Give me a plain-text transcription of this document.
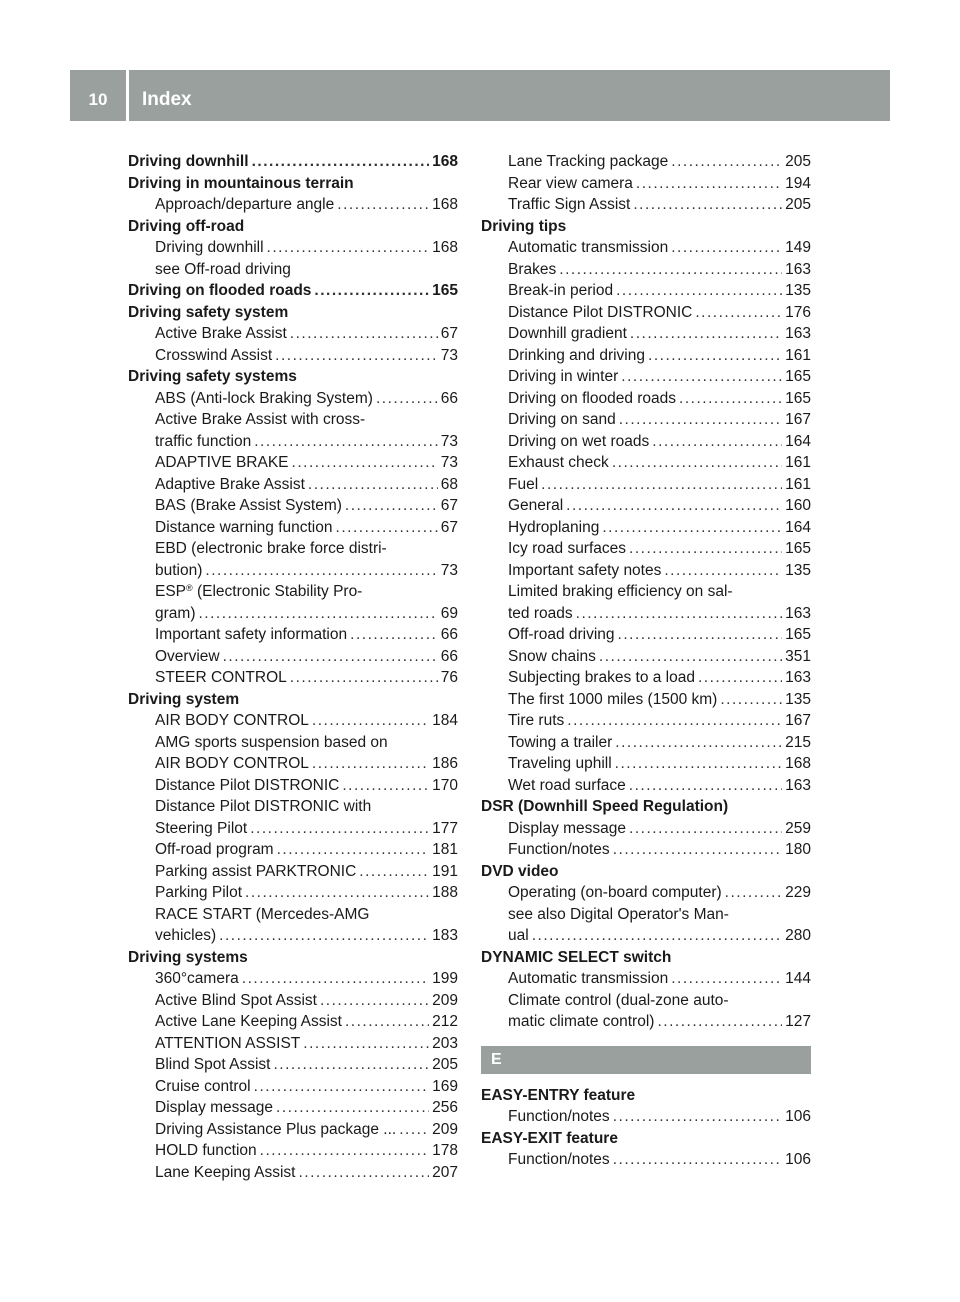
10	Index
Driving downhill . . .	168
Driving in mountainous terrain
Approach/departure angle . . .	168
Driving off-road
Driving downhill . . .	168
see Off-road driving
Driving on flooded roads . . .	165
Driving safety system
Active Brake Assist . . .	67
Crosswind Assist . . .	73
Driving safety systems
ABS (Anti-lock Braking System) . . .	66
Active Brake Assist with cross-
traffic function . . .	73
ADAPTIVE BRAKE . . .	73
Adaptive Brake Assist . . .	68
BAS (Brake Assist System) . . .	67
Distance warning function . . .	67
EBD (electronic brake force distri-
bution) . . .	73
ESP® (Electronic Stability Pro-
gram) . . .	69
Important safety information . . .	66
Overview . . .	66
STEER CONTROL . . .	76
Driving system
AIR BODY CONTROL . . .	184
AMG sports suspension based on
AIR BODY CONTROL . . .	186
Distance Pilot DISTRONIC . . .	170
Distance Pilot DISTRONIC with
Steering Pilot . . .	177
Off-road program . . .	181
Parking assist PARKTRONIC . . .	191
Parking Pilot . . .	188
RACE START (Mercedes-AMG
vehicles) . . .	183
Driving systems
360°camera . . .	199
Active Blind Spot Assist . . .	209
Active Lane Keeping Assist . . .	212
ATTENTION ASSIST . . .	203
Blind Spot Assist . . .	205
Cruise control . . .	169
Display message . . .	256
Driving Assistance Plus package ... . . . 209
HOLD function . . .	178
Lane Keeping Assist . . .	207
Lane Tracking package . . .	205
Rear view camera . . .	194
Traffic Sign Assist . . .	205
Driving tips
Automatic transmission . . .	149
Brakes . . .	163
Break-in period . . .	135
Distance Pilot DISTRONIC . . .	176
Downhill gradient . . .	163
Drinking and driving . . .	161
Driving in winter . . .	165
Driving on flooded roads . . .	165
Driving on sand . . .	167
Driving on wet roads . . .	164
Exhaust check . . .	161
Fuel . . .	161
General . . .	160
Hydroplaning . . .	164
Icy road surfaces . . .	165
Important safety notes . . .	135
Limited braking efficiency on sal-
ted roads . . .	163
Off-road driving . . .	165
Snow chains . . .	351
Subjecting brakes to a load . . .	163
The first 1000 miles (1500 km) . . .	135
Tire ruts . . .	167
Towing a trailer . . .	215
Traveling uphill . . .	168
Wet road surface . . .	163
DSR (Downhill Speed Regulation)
Display message . . .	259
Function/notes . . .	180
DVD video
Operating (on-board computer) . . .	229
see also Digital Operator's Man-
ual . . .	280
DYNAMIC SELECT switch
Automatic transmission . . .	144
Climate control (dual-zone auto-
matic climate control) . . .	127
E
EASY-ENTRY feature
Function/notes . . .	106
EASY-EXIT feature
Function/notes . . .	106
